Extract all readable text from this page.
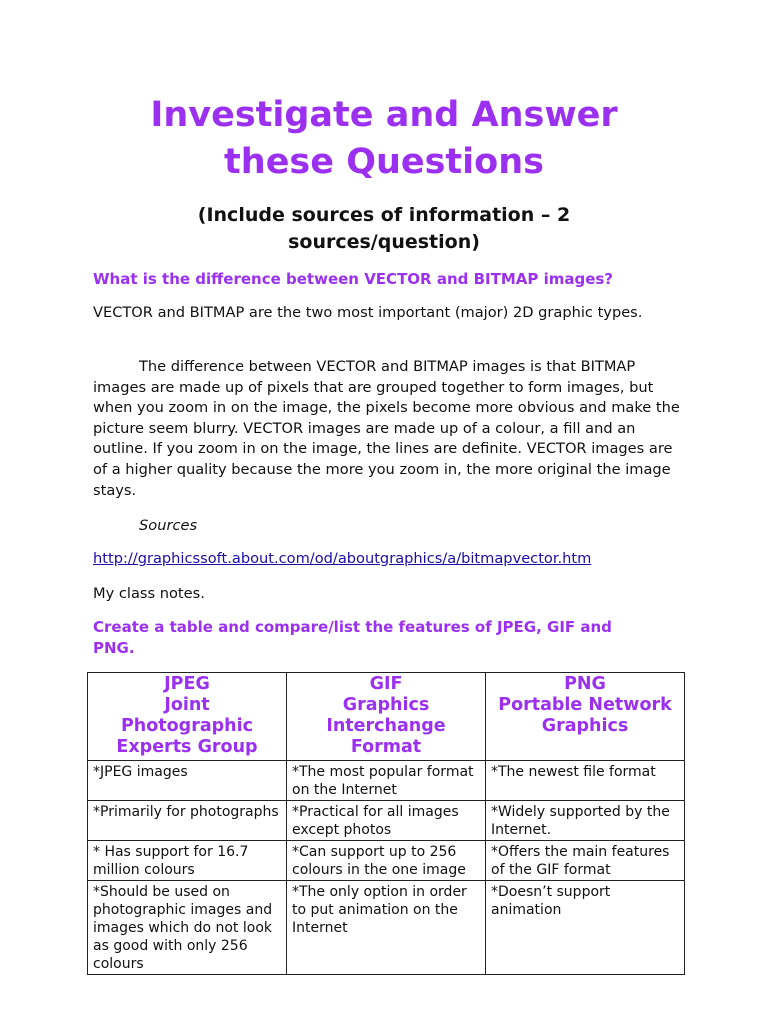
Investigate and Answer
these Questions
(Include sources of information – 2
sources/question)

What is the difference between VECTOR and BITMAP images?

VECTOR and BITMAP are the two most important (major) 2D graphic types.

The difference between VECTOR and BITMAP images is that BITMAP images are made up of pixels that are grouped together to form images, but when you zoom in on the image, the pixels become more obvious and make the picture seem blurry. VECTOR images are made up of a colour, a fill and an outline. If you zoom in on the image, the lines are definite. VECTOR images are of a higher quality because the more you zoom in, the more original the image stays.

Sources

http://graphicssoft.about.com/od/aboutgraphics/a/bitmapvector.htm

My class notes.

Create a table and compare/list the features of JPEG, GIF and
PNG.

JPEG
Joint
Photographic
Experts Group	GIF
Graphics
Interchange
Format	PNG
Portable Network
Graphics

*JPEG images	*The most popular format on the Internet	*The newest file format
*Primarily for photographs	*Practical for all images except photos	*Widely supported by the Internet.
* Has support for 16.7 million colours	*Can support up to 256 colours in the one image	*Offers the main features of the GIF format
*Should be used on photographic images and images which do not look as good with only 256 colours	*The only option in order to put animation on the Internet	*Doesn’t support animation
